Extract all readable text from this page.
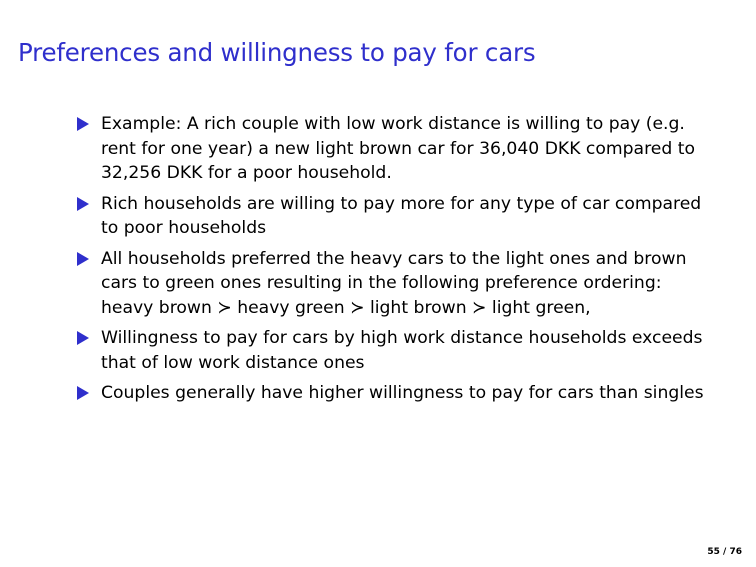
Preferences and willingness to pay for cars
Example: A rich couple with low work distance is willing to pay (e.g. rent for one year) a new light brown car for 36,040 DKK compared to 32,256 DKK for a poor household.
Rich households are willing to pay more for any type of car compared to poor households
All households preferred the heavy cars to the light ones and brown cars to green ones resulting in the following preference ordering: heavy brown ≻ heavy green ≻ light brown ≻ light green,
Willingness to pay for cars by high work distance households exceeds that of low work distance ones
Couples generally have higher willingness to pay for cars than singles
55 / 76
